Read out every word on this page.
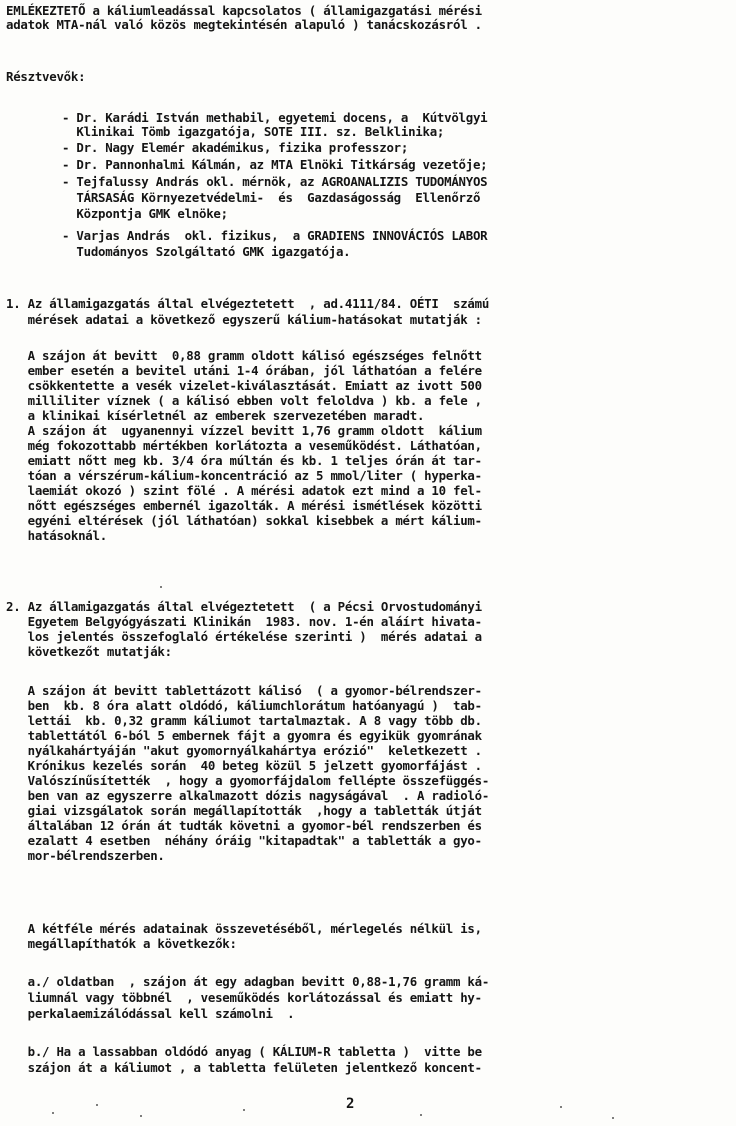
EMLÉKEZTETŐ a káliumleadással kapcsolatos ( államigazgatási mérési
adatok MTA-nál való közös megtekintésén alapuló ) tanácskozásról .
Résztvevők:
- Dr. Karádi István methabil, egyetemi docens, a  Kútvölgyi
Klinikai Tömb igazgatója, SOTE III. sz. Belklinika;
- Dr. Nagy Elemér akadémikus, fizika professzor;
- Dr. Pannonhalmi Kálmán, az MTA Elnöki Titkárság vezetője;
- Tejfalussy András okl. mérnök, az AGROANALIZIS TUDOMÁNYOS
TÁRSASÁG Környezetvédelmi-  és  Gazdaságosság  Ellenőrző
Központja GMK elnöke;
- Varjas András  okl. fizikus,  a GRADIENS INNOVÁCIÓS LABOR
Tudományos Szolgáltató GMK igazgatója.
1. Az államigazgatás által elvégeztetett  , ad.4111/84. OÉTI  számú
mérések adatai a következő egyszerű kálium-hatásokat mutatják :
A szájon át bevitt  0,88 gramm oldott kálisó egészséges felnőtt
ember esetén a bevitel utáni 1-4 órában, jól láthatóan a felére
csökkentette a vesék vizelet-kiválasztását. Emiatt az ivott 500
milliliter víznek ( a kálisó ebben volt feloldva ) kb. a fele ,
a klinikai kísérletnél az emberek szervezetében maradt.
A szájon át  ugyanennyi vízzel bevitt 1,76 gramm oldott  kálium
még fokozottabb mértékben korlátozta a veseműködést. Láthatóan,
emiatt nőtt meg kb. 3/4 óra múltán és kb. 1 teljes órán át tar-
tóan a vérszérum-kálium-koncentráció az 5 mmol/liter ( hyperka-
laemiát okozó ) szint fölé . A mérési adatok ezt mind a 10 fel-
nőtt egészséges embernél igazolták. A mérési ismétlések közötti
egyéni eltérések (jól láthatóan) sokkal kisebbek a mért kálium-
hatásoknál.
2. Az államigazgatás által elvégeztetett  ( a Pécsi Orvostudományi
Egyetem Belgyógyászati Klinikán  1983. nov. 1-én aláírt hivata-
los jelentés összefoglaló értékelése szerinti )  mérés adatai a
következőt mutatják:
A szájon át bevitt tablettázott kálisó  ( a gyomor-bélrendszer-
ben  kb. 8 óra alatt oldódó, káliumchlorátum hatóanyagú )  tab-
lettái  kb. 0,32 gramm káliumot tartalmaztak. A 8 vagy több db.
tablettától 6-ból 5 embernek fájt a gyomra és egyikük gyomrának
nyálkahártyáján "akut gyomornyálkahártya erózió"  keletkezett .
Krónikus kezelés során  40 beteg közül 5 jelzett gyomorfájást .
Valószínűsítették  , hogy a gyomorfájdalom fellépte összefüggés-
ben van az egyszerre alkalmazott dózis nagyságával  . A radioló-
giai vizsgálatok során megállapították  ,hogy a tabletták útját
általában 12 órán át tudták követni a gyomor-bél rendszerben és
ezalatt 4 esetben  néhány óráig "kitapadtak" a tabletták a gyo-
mor-bélrendszerben.
A kétféle mérés adatainak összevetéséből, mérlegelés nélkül is,
megállapíthatók a következők:
a./ oldatban  , szájon át egy adagban bevitt 0,88-1,76 gramm ká-
liumnál vagy többnél  , veseműködés korlátozással és emiatt hy-
perkalaemizálódással kell számolni  .
b./ Ha a lassabban oldódó anyag ( KÁLIUM-R tabletta )  vitte be
szájon át a káliumot , a tabletta felületen jelentkező koncent-
2
